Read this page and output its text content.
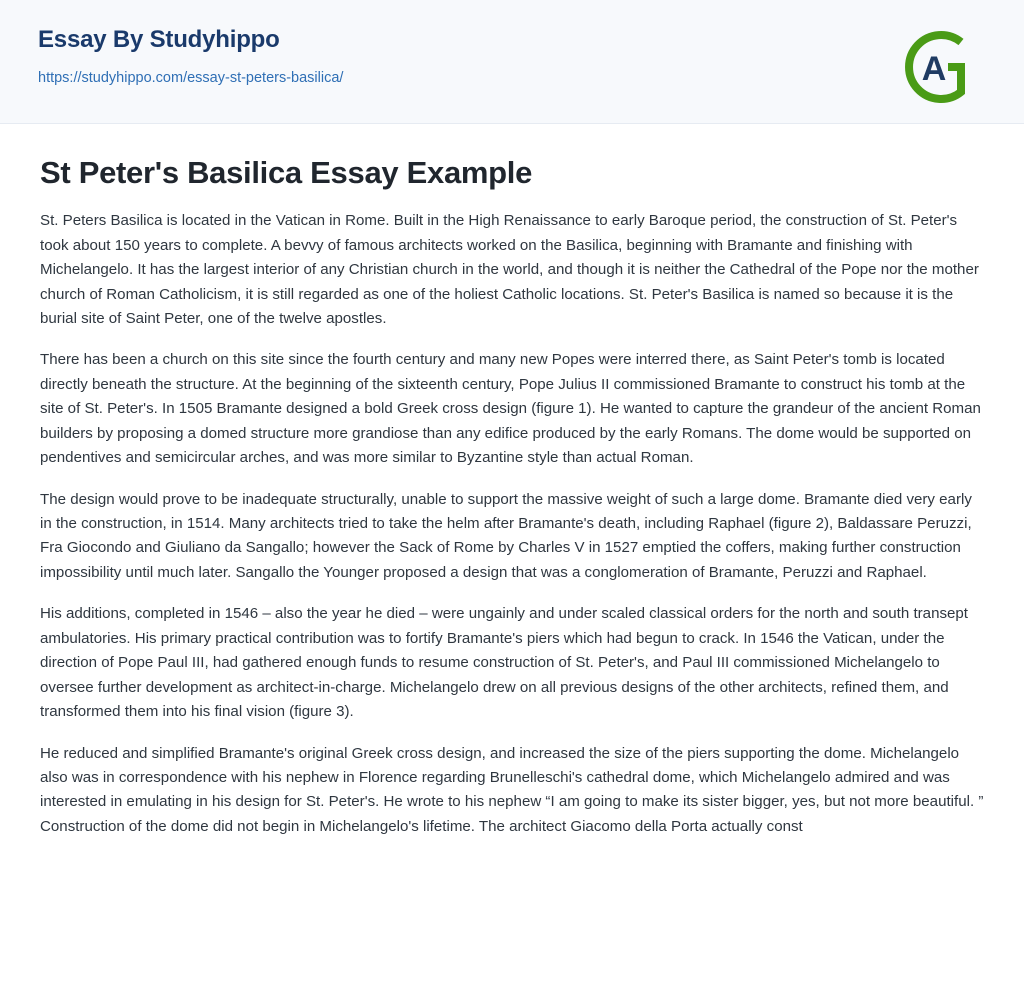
Essay By Studyhippo
https://studyhippo.com/essay-st-peters-basilica/	A
St Peter's Basilica Essay Example

St. Peters Basilica is located in the Vatican in Rome. Built in the High Renaissance to early Baroque period, the construction of St. Peter's took about 150 years to complete. A bevvy of famous architects worked on the Basilica, beginning with Bramante and finishing with Michelangelo. It has the largest interior of any Christian church in the world, and though it is neither the Cathedral of the Pope nor the mother church of Roman Catholicism, it is still regarded as one of the holiest Catholic locations. St. Peter's Basilica is named so because it is the burial site of Saint Peter, one of the twelve apostles.

There has been a church on this site since the fourth century and many new Popes were interred there, as Saint Peter's tomb is located directly beneath the structure. At the beginning of the sixteenth century, Pope Julius II commissioned Bramante to construct his tomb at the site of St. Peter's. In 1505 Bramante designed a bold Greek cross design (figure 1). He wanted to capture the grandeur of the ancient Roman builders by proposing a domed structure more grandiose than any edifice produced by the early Romans. The dome would be supported on pendentives and semicircular arches, and was more similar to Byzantine style than actual Roman.

The design would prove to be inadequate structurally, unable to support the massive weight of such a large dome. Bramante died very early in the construction, in 1514. Many architects tried to take the helm after Bramante's death, including Raphael (figure 2), Baldassare Peruzzi, Fra Giocondo and Giuliano da Sangallo; however the Sack of Rome by Charles V in 1527 emptied the coffers, making further construction impossibility until much later. Sangallo the Younger proposed a design that was a conglomeration of Bramante, Peruzzi and Raphael.

His additions, completed in 1546 – also the year he died – were ungainly and under scaled classical orders for the north and south transept ambulatories. His primary practical contribution was to fortify Bramante's piers which had begun to crack. In 1546 the Vatican, under the direction of Pope Paul III, had gathered enough funds to resume construction of St. Peter's, and Paul III commissioned Michelangelo to oversee further development as architect-in-charge. Michelangelo drew on all previous designs of the other architects, refined them, and transformed them into his final vision (figure 3).

He reduced and simplified Bramante's original Greek cross design, and increased the size of the piers supporting the dome. Michelangelo also was in correspondence with his nephew in Florence regarding Brunelleschi's cathedral dome, which Michelangelo admired and was interested in emulating in his design for St. Peter's. He wrote to his nephew “I am going to make its sister bigger, yes, but not more beautiful. ” Construction of the dome did not begin in Michelangelo's lifetime. The architect Giacomo della Porta actually const
